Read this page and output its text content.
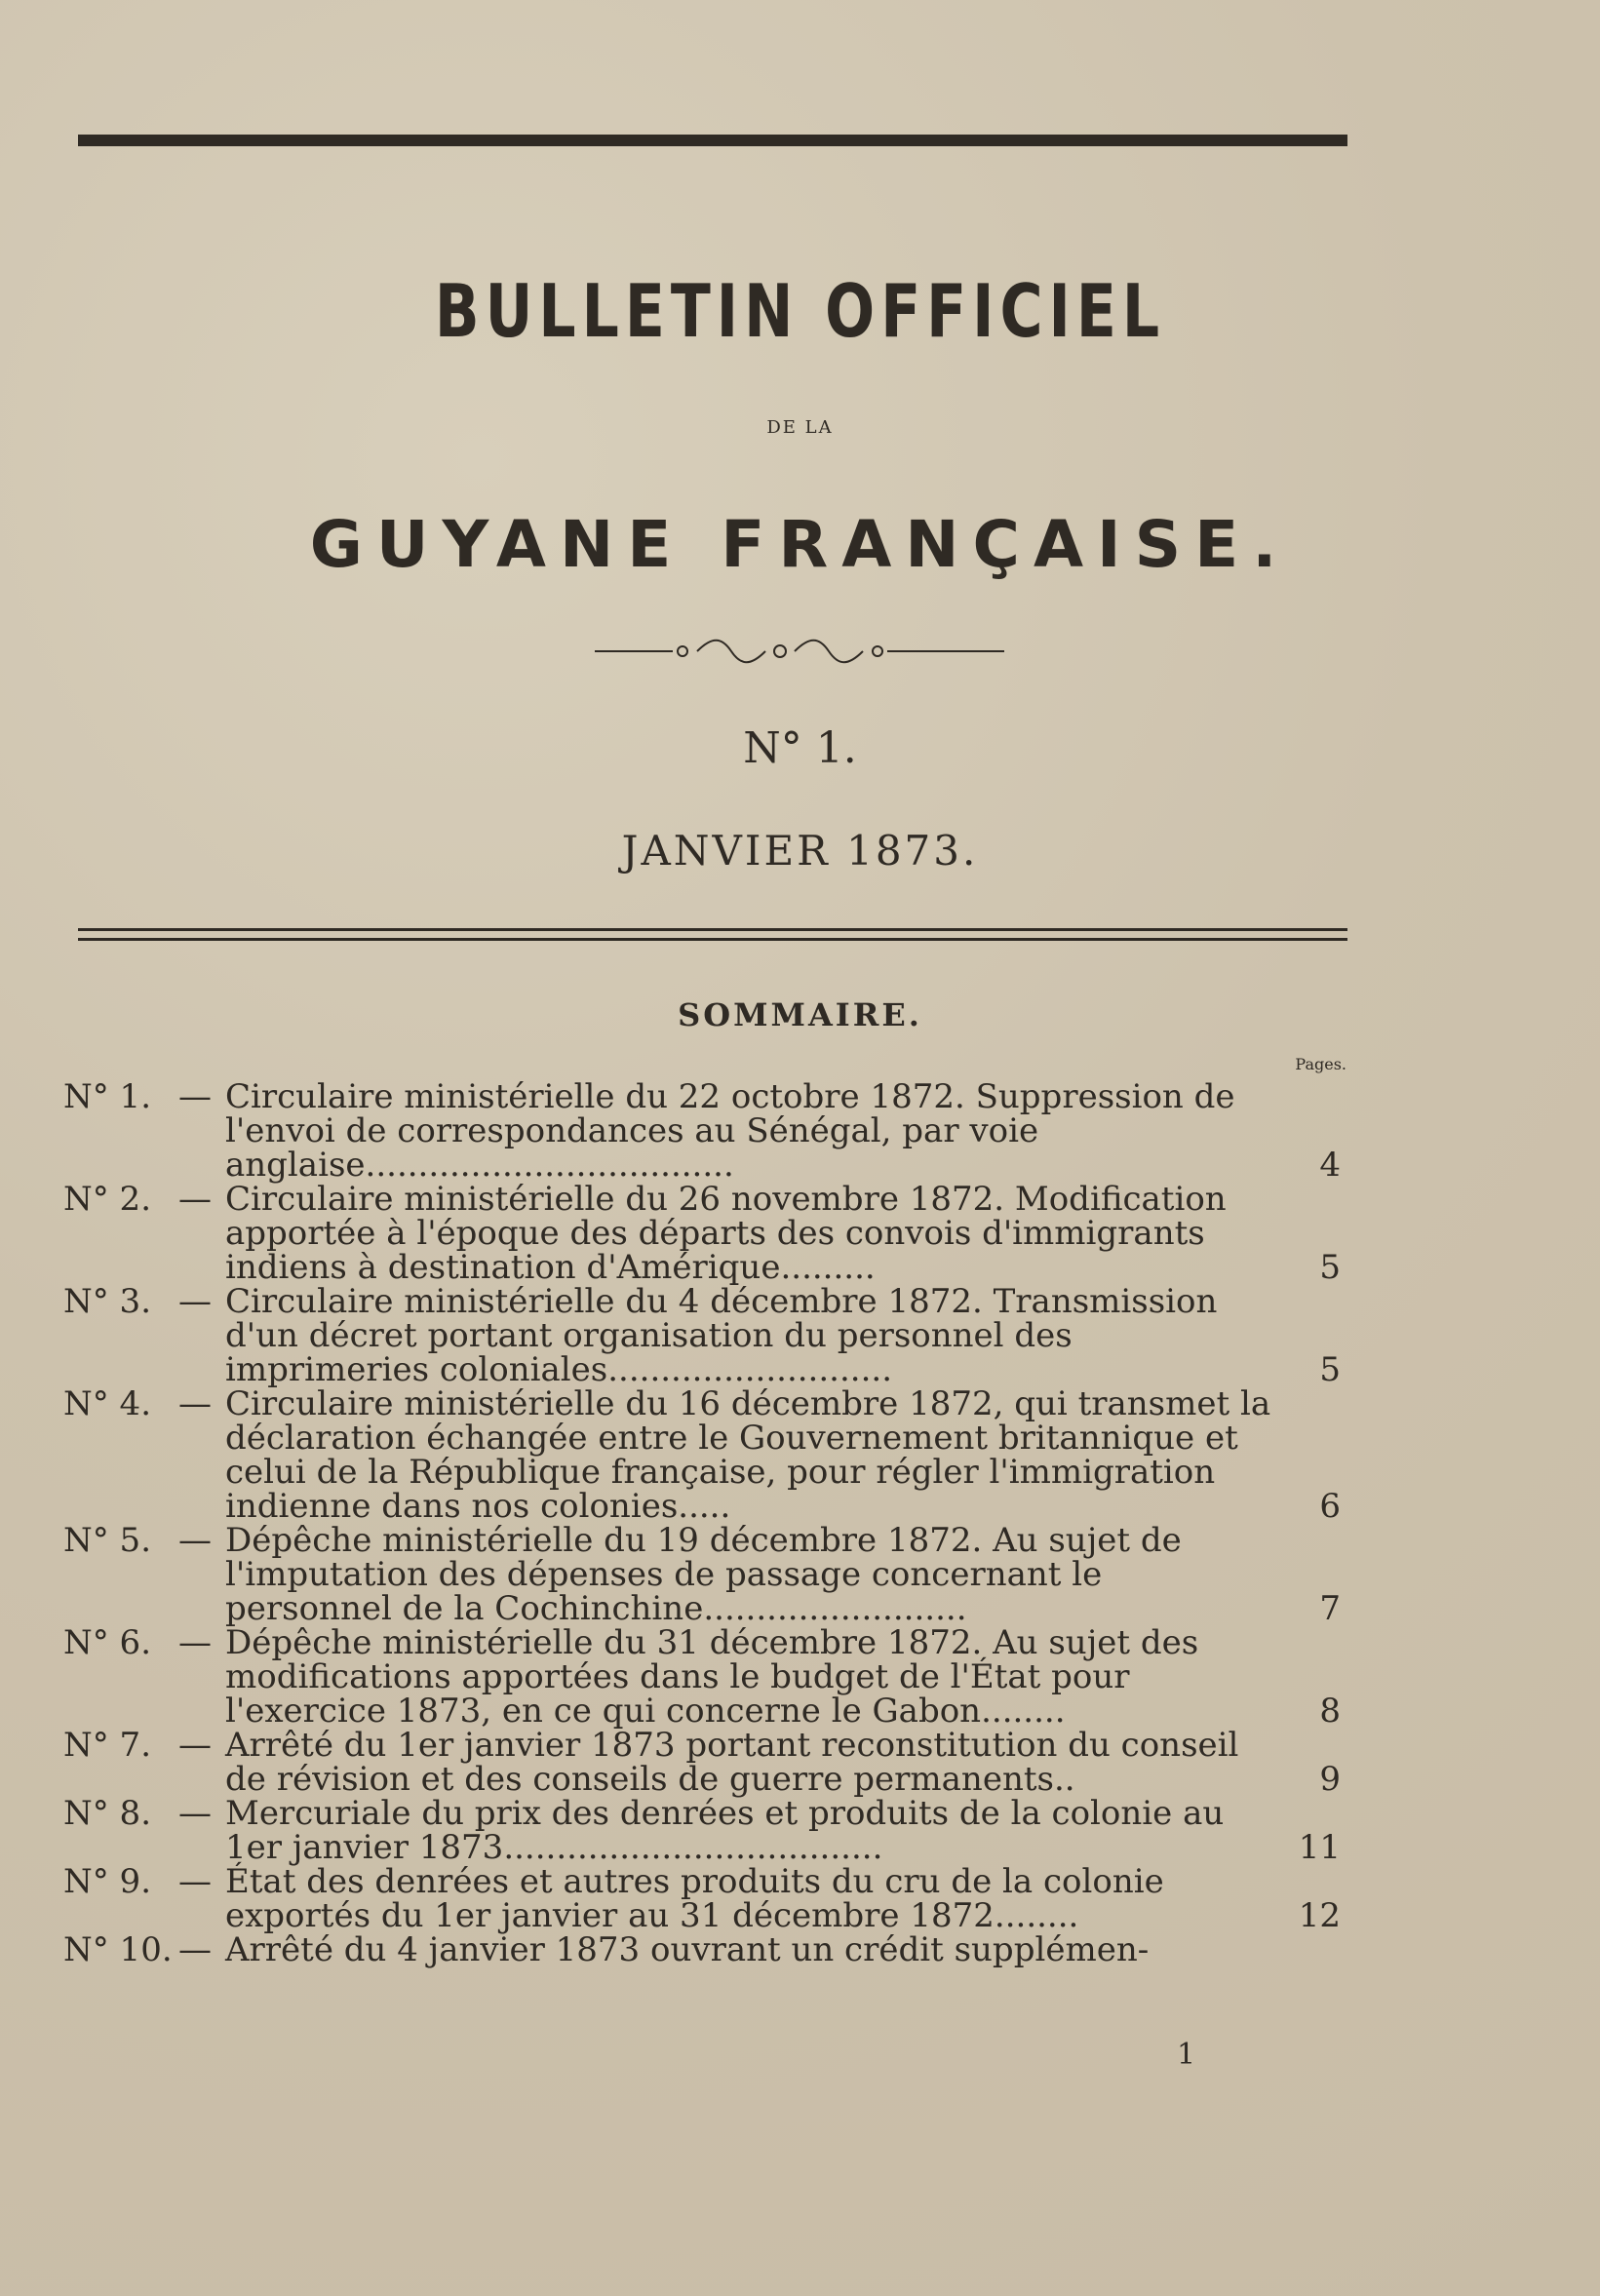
BULLETIN OFFICIEL
DE LA
GUYANE FRANÇAISE.
N° 1.
JANVIER 1873.
SOMMAIRE.
Pages.
N° 1. — Circulaire ministérielle du 22 octobre 1872. Suppression de l'envoi de correspondances au Sénégal, par voie anglaise...................................	4
N° 2. — Circulaire ministérielle du 26 novembre 1872. Modification apportée à l'époque des départs des convois d'immigrants indiens à destination d'Amérique.........	5
N° 3. — Circulaire ministérielle du 4 décembre 1872. Transmission d'un décret portant organisation du personnel des imprimeries coloniales...........................	5
N° 4. — Circulaire ministérielle du 16 décembre 1872, qui transmet la déclaration échangée entre le Gouvernement britannique et celui de la République française, pour régler l'immigration indienne dans nos colonies.....	6
N° 5. — Dépêche ministérielle du 19 décembre 1872. Au sujet de l'imputation des dépenses de passage concernant le personnel de la Cochinchine.........................	7
N° 6. — Dépêche ministérielle du 31 décembre 1872. Au sujet des modifications apportées dans le budget de l'État pour l'exercice 1873, en ce qui concerne le Gabon........	8
N° 7. — Arrêté du 1er janvier 1873 portant reconstitution du conseil de révision et des conseils de guerre permanents..	9
N° 8. — Mercuriale du prix des denrées et produits de la colonie au 1er janvier 1873....................................	11
N° 9. — État des denrées et autres produits du cru de la colonie exportés du 1er janvier au 31 décembre 1872........	12
N° 10. — Arrêté du 4 janvier 1873 ouvrant un crédit supplémen-
1
